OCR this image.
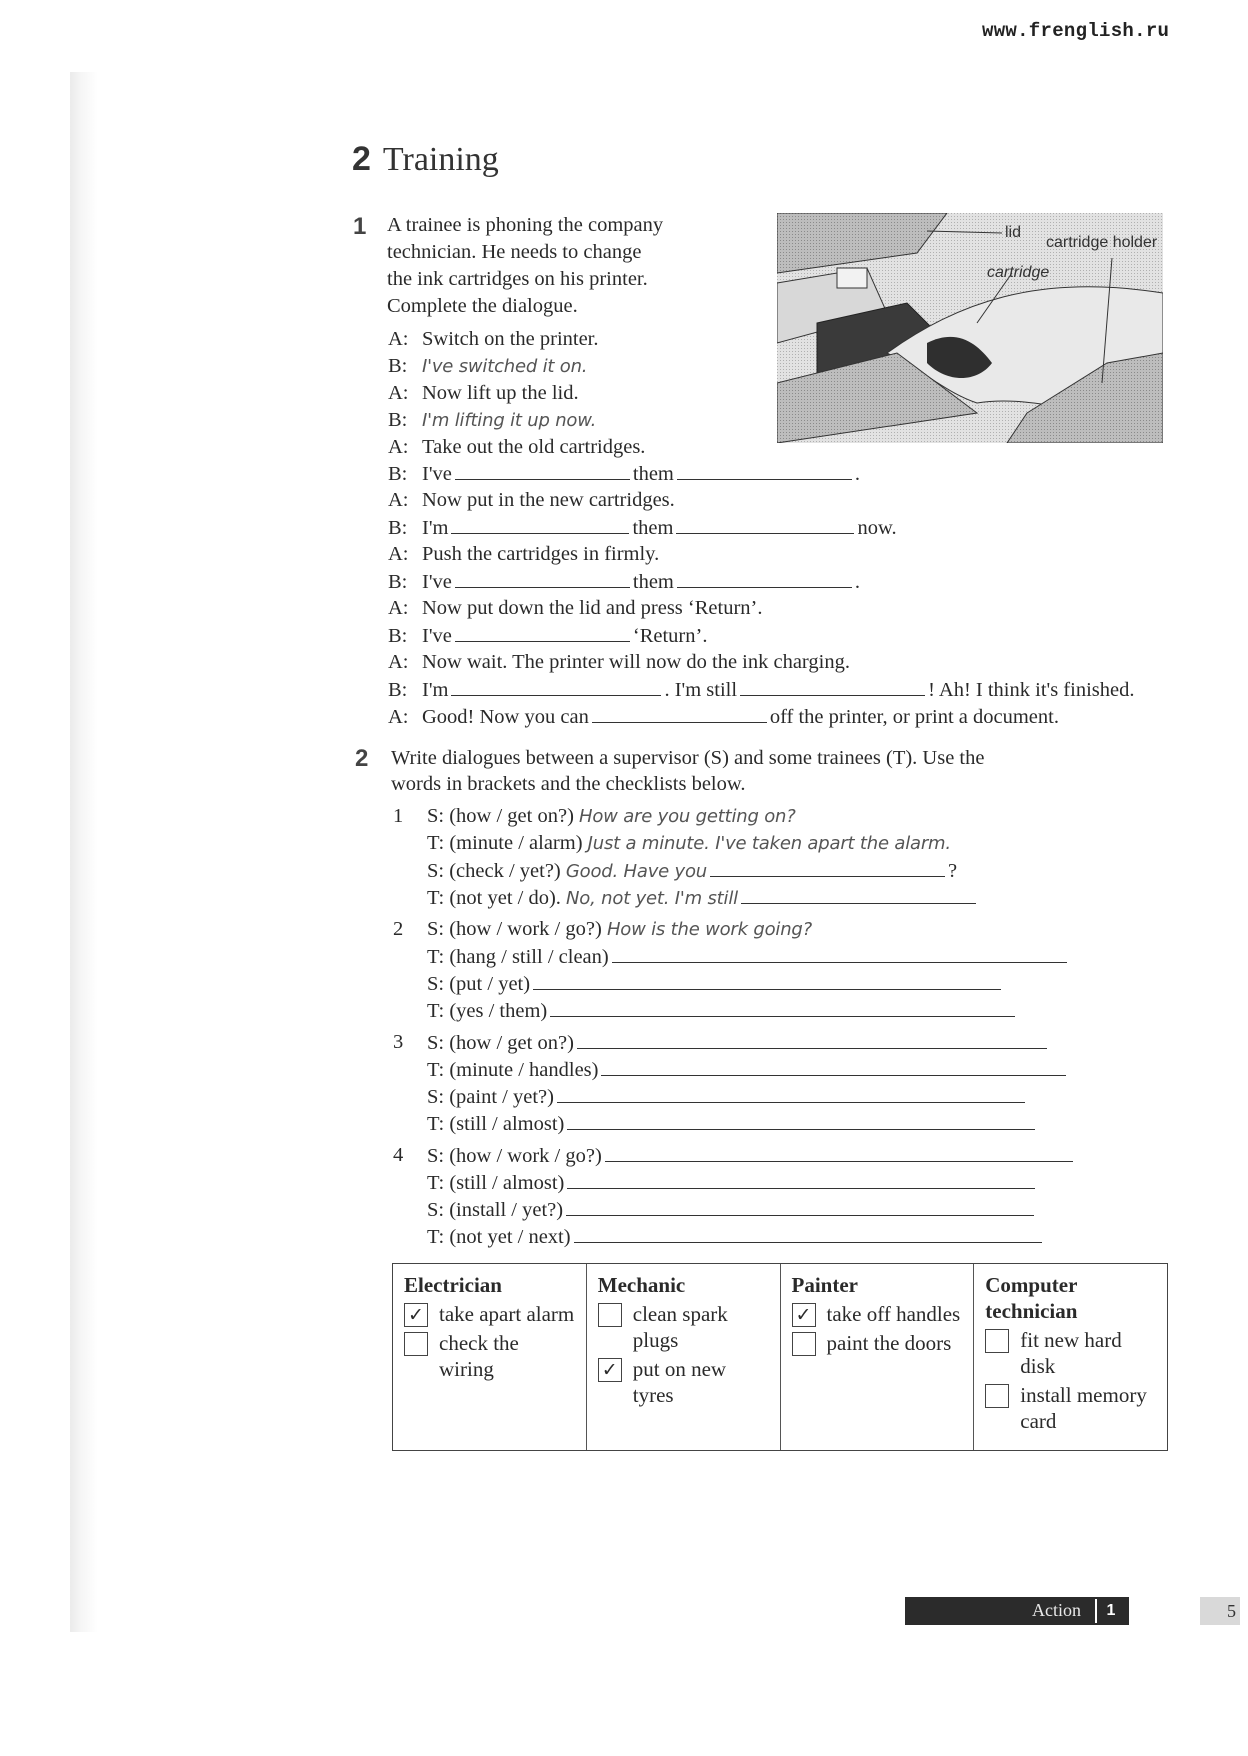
www.frenglish.ru
2 Training
1 A trainee is phoning the company
technician. He needs to change
the ink cartridges on his printer.
Complete the dialogue.
lid
cartridge holder
cartridge
A: Switch on the printer.
B: I've switched it on.
A: Now lift up the lid.
B: I'm lifting it up now.
A: Take out the old cartridges.
B: I've	them	.
A: Now put in the new cartridges.
B: I'm	them	now.
A: Push the cartridges in firmly.
B: I've	them	.
A: Now put down the lid and press ‘Return’.
B: I've	‘Return’.
A: Now wait. The printer will now do the ink charging.
B: I'm	. I'm still	! Ah! I think it's finished.
A: Good! Now you can	off the printer, or print a document.
2 Write dialogues between a supervisor (S) and some trainees (T). Use the
words in brackets and the checklists below.
1 S: (how / get on?) How are you getting on?
T: (minute / alarm) Just a minute. I've taken apart the alarm.
S: (check / yet?) Good. Have you	?
T: (not yet / do). No, not yet. I'm still
2 S: (how / work / go?) How is the work going?
T: (hang / still / clean)
S: (put / yet)
T: (yes / them)
3 S: (how / get on?)
T: (minute / handles)
S: (paint / yet?)
T: (still / almost)
4 S: (how / work / go?)
T: (still / almost)
S: (install / yet?)
T: (not yet / next)
Electrician
✓ take apart alarm
check the wiring
Mechanic
clean spark plugs
✓ put on new tyres
Painter
✓ take off handles
paint the doors
Computer technician
fit new hard disk
install memory card
Action	1	5
